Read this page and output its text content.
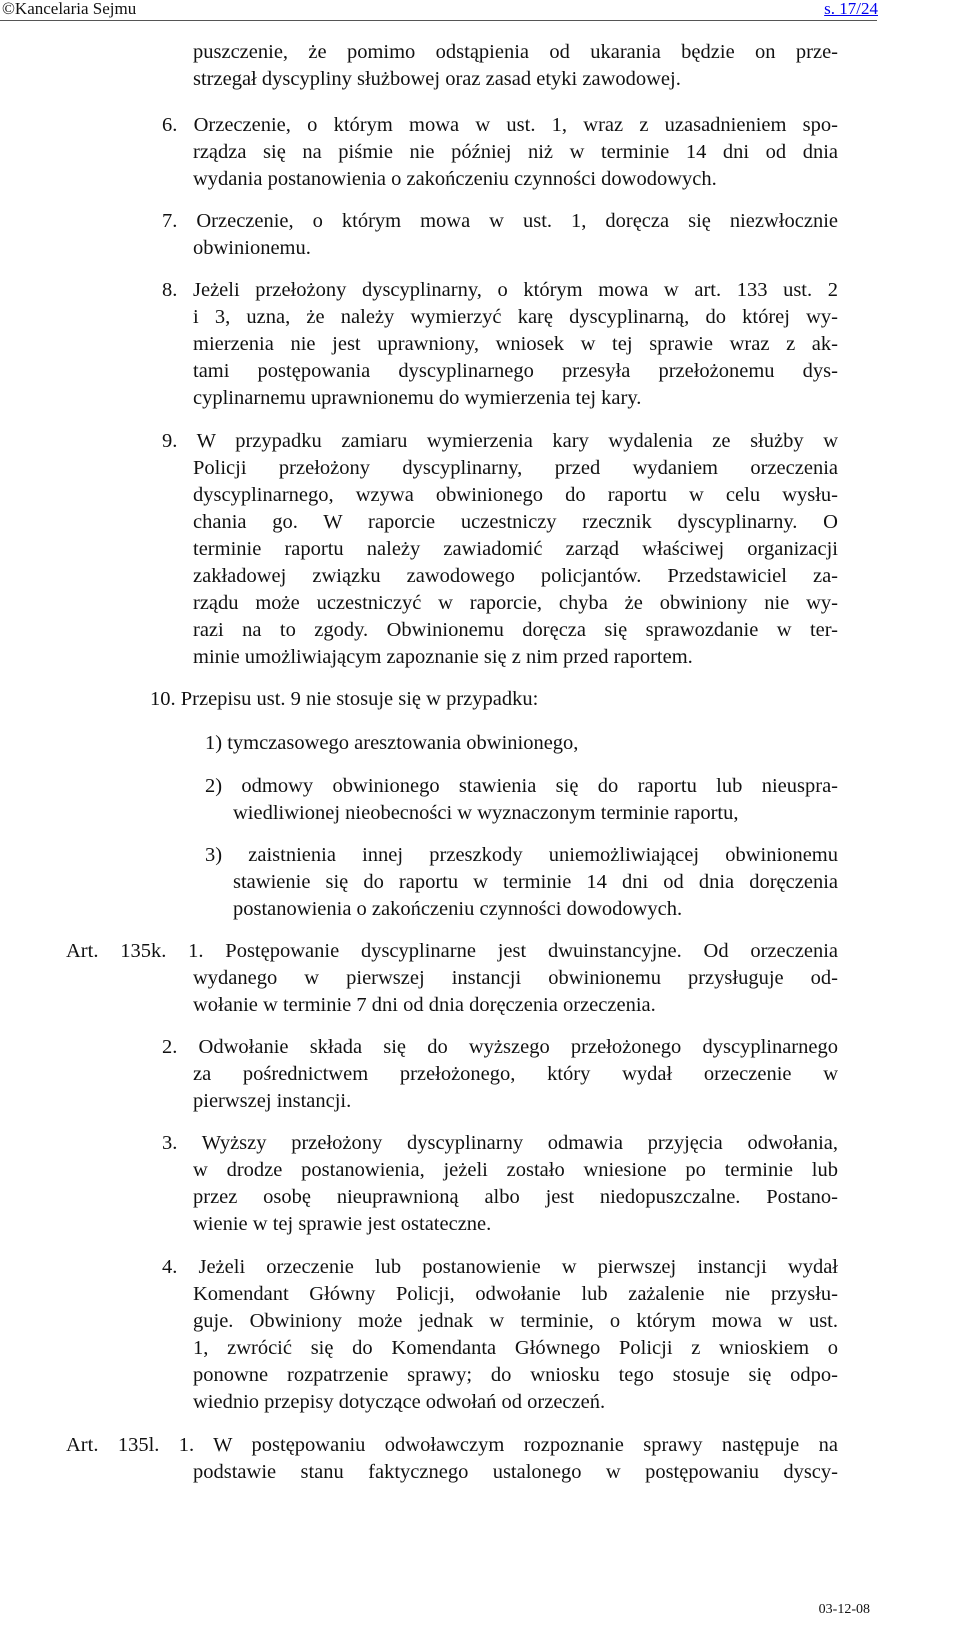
©Kancelaria Sejmu	s. 17/24
puszczenie, że pomimo odstąpienia od ukarania będzie on prze-
strzegał dyscypliny służbowej oraz zasad etyki zawodowej.
6. Orzeczenie, o którym mowa w ust. 1, wraz z uzasadnieniem spo-
rządza się na piśmie nie później niż w terminie 14 dni od dnia
wydania postanowienia o zakończeniu czynności dowodowych.
7. Orzeczenie, o którym mowa w ust. 1, doręcza się niezwłocznie
obwinionemu.
8. Jeżeli przełożony dyscyplinarny, o którym mowa w art. 133 ust. 2
i 3, uzna, że należy wymierzyć karę dyscyplinarną, do której wy-
mierzenia nie jest uprawniony, wniosek w tej sprawie wraz z ak-
tami postępowania dyscyplinarnego przesyła przełożonemu dys-
cyplinarnemu uprawnionemu do wymierzenia tej kary.
9. W przypadku zamiaru wymierzenia kary wydalenia ze służby w
Policji przełożony dyscyplinarny, przed wydaniem orzeczenia
dyscyplinarnego, wzywa obwinionego do raportu w celu wysłu-
chania go. W raporcie uczestniczy rzecznik dyscyplinarny. O
terminie raportu należy zawiadomić zarząd właściwej organizacji
zakładowej związku zawodowego policjantów. Przedstawiciel za-
rządu może uczestniczyć w raporcie, chyba że obwiniony nie wy-
razi na to zgody. Obwinionemu doręcza się sprawozdanie w ter-
minie umożliwiającym zapoznanie się z nim przed raportem.
10. Przepisu ust. 9 nie stosuje się w przypadku:
1) tymczasowego aresztowania obwinionego,
2) odmowy obwinionego stawienia się do raportu lub nieuspra-
wiedliwionej nieobecności w wyznaczonym terminie raportu,
3) zaistnienia innej przeszkody uniemożliwiającej obwinionemu
stawienie się do raportu w terminie 14 dni od dnia doręczenia
postanowienia o zakończeniu czynności dowodowych.
Art. 135k. 1. Postępowanie dyscyplinarne jest dwuinstancyjne. Od orzeczenia
wydanego w pierwszej instancji obwinionemu przysługuje od-
wołanie w terminie 7 dni od dnia doręczenia orzeczenia.
2. Odwołanie składa się do wyższego przełożonego dyscyplinarnego
za pośrednictwem przełożonego, który wydał orzeczenie w
pierwszej instancji.
3. Wyższy przełożony dyscyplinarny odmawia przyjęcia odwołania,
w drodze postanowienia, jeżeli zostało wniesione po terminie lub
przez osobę nieuprawnioną albo jest niedopuszczalne. Postano-
wienie w tej sprawie jest ostateczne.
4. Jeżeli orzeczenie lub postanowienie w pierwszej instancji wydał
Komendant Główny Policji, odwołanie lub zażalenie nie przysłu-
guje. Obwiniony może jednak w terminie, o którym mowa w ust.
1, zwrócić się do Komendanta Głównego Policji z wnioskiem o
ponowne rozpatrzenie sprawy; do wniosku tego stosuje się odpo-
wiednio przepisy dotyczące odwołań od orzeczeń.
Art. 135l. 1. W postępowaniu odwoławczym rozpoznanie sprawy następuje na
podstawie stanu faktycznego ustalonego w postępowaniu dyscy-
03-12-08
